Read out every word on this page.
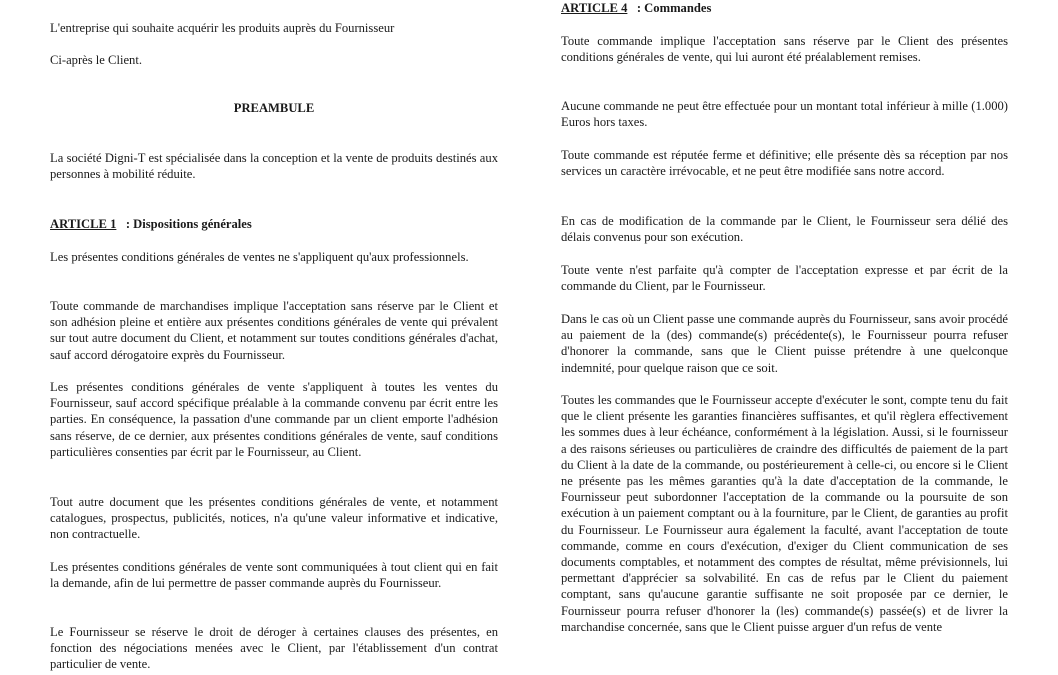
L'entreprise qui souhaite acquérir les produits auprès du Fournisseur

Ci-après le Client.

PREAMBULE

La société Digni-T est spécialisée dans la conception et la vente de produits destinés aux personnes à mobilité réduite.

ARTICLE 1 : Dispositions générales

Les présentes conditions générales de ventes ne s'appliquent qu'aux professionnels.

Toute commande de marchandises implique l'acceptation sans réserve par le Client et son adhésion pleine et entière aux présentes conditions générales de vente qui prévalent sur tout autre document du Client, et notamment sur toutes conditions générales d'achat, sauf accord dérogatoire exprès du Fournisseur.

Les présentes conditions générales de vente s'appliquent à toutes les ventes du Fournisseur, sauf accord spécifique préalable à la commande convenu par écrit entre les parties. En conséquence, la passation d'une commande par un client emporte l'adhésion sans réserve, de ce dernier, aux présentes conditions générales de vente, sauf conditions particulières consenties par écrit par le Fournisseur, au Client.

Tout autre document que les présentes conditions générales de vente, et notamment catalogues, prospectus, publicités, notices, n'a qu'une valeur informative et indicative, non contractuelle.

Les présentes conditions générales de vente sont communiquées à tout client qui en fait la demande, afin de lui permettre de passer commande auprès du Fournisseur.

Le Fournisseur se réserve le droit de déroger à certaines clauses des présentes, en fonction des négociations menées avec le Client, par l'établissement d'un contrat particulier de vente.

ARTICLE 4 : Commandes

Toute commande implique l'acceptation sans réserve par le Client des présentes conditions générales de vente, qui lui auront été préalablement remises.

Aucune commande ne peut être effectuée pour un montant total inférieur à mille (1.000) Euros hors taxes.

Toute commande est réputée ferme et définitive; elle présente dès sa réception par nos services un caractère irrévocable, et ne peut être modifiée sans notre accord.

En cas de modification de la commande par le Client, le Fournisseur sera délié des délais convenus pour son exécution.

Toute vente n'est parfaite qu'à compter de l'acceptation expresse et par écrit de la commande du Client, par le Fournisseur.

Dans le cas où un Client passe une commande auprès du Fournisseur, sans avoir procédé au paiement de la (des) commande(s) précédente(s), le Fournisseur pourra refuser d'honorer la commande, sans que le Client puisse prétendre à une quelconque indemnité, pour quelque raison que ce soit.

Toutes les commandes que le Fournisseur accepte d'exécuter le sont, compte tenu du fait que le client présente les garanties financières suffisantes, et qu'il règlera effectivement les sommes dues à leur échéance, conformément à la législation. Aussi, si le fournisseur a des raisons sérieuses ou particulières de craindre des difficultés de paiement de la part du Client à la date de la commande, ou postérieurement à celle-ci, ou encore si le Client ne présente pas les mêmes garanties qu'à la date d'acceptation de la commande, le Fournisseur peut subordonner l'acceptation de la commande ou la poursuite de son exécution à un paiement comptant ou à la fourniture, par le Client, de garanties au profit du Fournisseur. Le Fournisseur aura également la faculté, avant l'acceptation de toute commande, comme en cours d'exécution, d'exiger du Client communication de ses documents comptables, et notamment des comptes de résultat, même prévisionnels, lui permettant d'apprécier sa solvabilité. En cas de refus par le Client du paiement comptant, sans qu'aucune garantie suffisante ne soit proposée par ce dernier, le Fournisseur pourra refuser d'honorer la (les) commande(s) passée(s) et de livrer la marchandise concernée, sans que le Client puisse arguer d'un refus de vente
